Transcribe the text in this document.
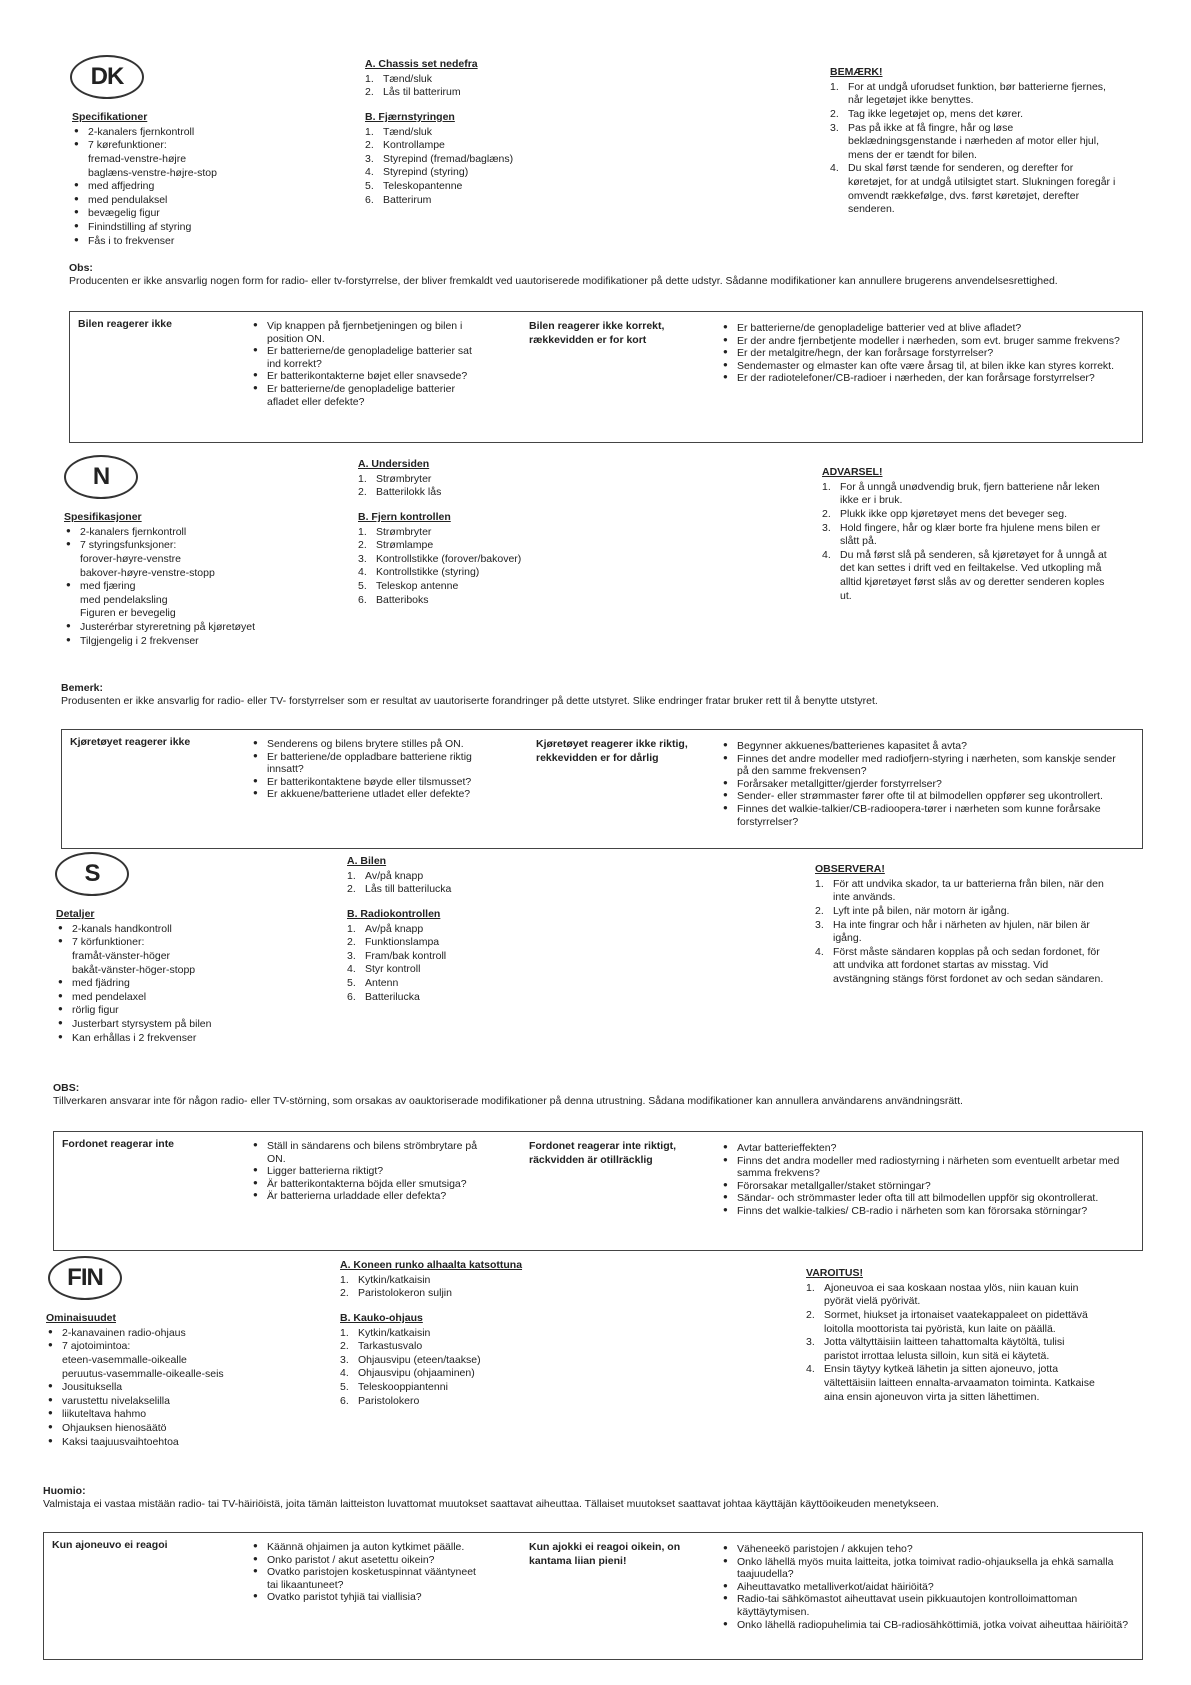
DK
Specifikationer
● 2-kanalers fjernkontroll
● 7 kørefunktioner:
fremad-venstre-højre
baglæns-venstre-højre-stop
● med affjedring
● med pendulaksel
● bevægelig figur
● Finindstilling af styring
● Fås i to frekvenser
A. Chassis set nedefra
1. Tænd/sluk
2. Lås til batterirum
B. Fjærnstyringen
1. Tænd/sluk
2. Kontrollampe
3. Styrepind (fremad/baglæns)
4. Styrepind (styring)
5. Teleskopantenne
6. Batterirum
BEMÆRK!
1. For at undgå uforudset funktion, bør batterierne fjernes, når legetøjet ikke benyttes.
2. Tag ikke legetøjet op, mens det kører.
3. Pas på ikke at få fingre, hår og løse beklædningsgenstande i nærheden af motor eller hjul, mens der er tændt for bilen.
4. Du skal først tænde for senderen, og derefter for køretøjet, for at undgå utilsigtet start. Slukningen foregår i omvendt rækkefølge, dvs. først køretøjet, derefter senderen.
Obs:
Producenten er ikke ansvarlig nogen form for radio- eller tv-forstyrrelse, der bliver fremkaldt ved uautoriserede modifikationer på dette udstyr. Sådanne modifikationer kan annullere brugerens anvendelsesrettighed.
Bilen reagerer ikke	● Vip knappen på fjernbetjeningen og bilen i position ON.
● Er batterierne/de genopladelige batterier sat ind korrekt?
● Er batterikontakterne bøjet eller snavsede?
● Er batterierne/de genopladelige batterier afladet eller defekte?
Bilen reagerer ikke korrekt, rækkevidden er for kort
● Er batterierne/de genopladelige batterier ved at blive afladet?
● Er der andre fjernbetjente modeller i nærheden, som evt. bruger samme frekvens?
● Er der metalgitre/hegn, der kan forårsage forstyrrelser?
● Sendemaster og elmaster kan ofte være årsag til, at bilen ikke kan styres korrekt.
● Er der radiotelefoner/CB-radioer i nærheden, der kan forårsage forstyrrelser?
N
Spesifikasjoner
● 2-kanalers fjernkontroll
● 7 styringsfunksjoner:
forover-høyre-venstre
bakover-høyre-venstre-stopp
● med fjæring
med pendelaksling
Figuren er bevegelig
● Justerérbar styreretning på kjøretøyet
● Tilgjengelig i 2 frekvenser
A. Undersiden
1. Strømbryter
2. Batterilokk lås
B. Fjern kontrollen
1. Strømbryter
2. Strømlampe
3. Kontrollstikke (forover/bakover)
4. Kontrollstikke (styring)
5. Teleskop antenne
6. Batteriboks
ADVARSEL!
1. For å unngå unødvendig bruk, fjern batteriene når leken ikke er i bruk.
2. Plukk ikke opp kjøretøyet mens det beveger seg.
3. Hold fingere, hår og klær borte fra hjulene mens bilen er slått på.
4. Du må først slå på senderen, så kjøretøyet for å unngå at det kan settes i drift ved en feiltakelse. Ved utkopling må alltid kjøretøyet først slås av og deretter senderen koples ut.
Bemerk:
Produsenten er ikke ansvarlig for radio- eller TV- forstyrrelser som er resultat av uautoriserte forandringer på dette utstyret. Slike endringer fratar bruker rett til å benytte utstyret.
Kjøretøyet reagerer ikke	● Senderens og bilens brytere stilles på ON.
● Er batteriene/de oppladbare batteriene riktig innsatt?
● Er batterikontaktene bøyde eller tilsmusset?
● Er akkuene/batteriene utladet eller defekte?
Kjøretøyet reagerer ikke riktig, rekkevidden er for dårlig
● Begynner akkuenes/batterienes kapasitet å avta?
● Finnes det andre modeller med radiofjern-styring i nærheten, som kanskje sender på den samme frekvensen?
● Forårsaker metallgitter/gjerder forstyrrelser?
● Sender- eller strømmaster fører ofte til at bilmodellen oppfører seg ukontrollert.
● Finnes det walkie-talkier/CB-radioopera-tører i nærheten som kunne forårsake forstyrrelser?
S
Detaljer
● 2-kanals handkontroll
● 7 körfunktioner:
framåt-vänster-höger
bakåt-vänster-höger-stopp
● med fjädring
● med pendelaxel
● rörlig figur
● Justerbart styrsystem på bilen
● Kan erhållas i 2 frekvenser
A. Bilen
1. Av/på knapp
2. Lås till batterilucka
B. Radiokontrollen
1. Av/på knapp
2. Funktionslampa
3. Fram/bak kontroll
4. Styr kontroll
5. Antenn
6. Batterilucka
OBSERVERA!
1. För att undvika skador, ta ur batterierna från bilen, när den inte används.
2. Lyft inte på bilen, när motorn är igång.
3. Ha inte fingrar och hår i närheten av hjulen, när bilen är igång.
4. Först måste sändaren kopplas på och sedan fordonet, för att undvika att fordonet startas av misstag. Vid avstängning stängs först fordonet av och sedan sändaren.
OBS:
Tillverkaren ansvarar inte för någon radio- eller TV-störning, som orsakas av oauktoriserade modifikationer på denna utrustning. Sådana modifikationer kan annullera användarens användningsrätt.
Fordonet reagerar inte	● Ställ in sändarens och bilens strömbrytare på ON.
● Ligger batterierna riktigt?
● Är batterikontakterna böjda eller smutsiga?
● Är batterierna urladdade eller defekta?
Fordonet reagerar inte riktigt, räckvidden är otillräcklig
● Avtar batterieffekten?
● Finns det andra modeller med radiostyrning i närheten som eventuellt arbetar med samma frekvens?
● Förorsakar metallgaller/staket störningar?
● Sändar- och strömmaster leder ofta till att bilmodellen uppför sig okontrollerat.
● Finns det walkie-talkies/ CB-radio i närheten som kan förorsaka störningar?
FIN
Ominaisuudet
● 2-kanavainen radio-ohjaus
● 7 ajotoimintoa:
eteen-vasemmalle-oikealle
peruutus-vasemmalle-oikealle-seis
● Jousituksella
● varustettu nivelakselilla
● liikuteltava hahmo
● Ohjauksen hienosäätö
● Kaksi taajuusvaihtoehtoa
A. Koneen runko alhaalta katsottuna
1. Kytkin/katkaisin
2. Paristolokeron suljin
B. Kauko-ohjaus
1. Kytkin/katkaisin
2. Tarkastusvalo
3. Ohjausvipu (eteen/taakse)
4. Ohjausvipu (ohjaaminen)
5. Teleskooppiantenni
6. Paristolokero
VAROITUS!
1. Ajoneuvoa ei saa koskaan nostaa ylös, niin kauan kuin pyörät vielä pyörivät.
2. Sormet, hiukset ja irtonaiset vaatekappaleet on pidettävä loitolla moottorista tai pyöristä, kun laite on päällä.
3. Jotta vältyttäisiin laitteen tahattomalta käytöltä, tulisi paristot irrottaa lelusta silloin, kun sitä ei käytetä.
4. Ensin täytyy kytkeä lähetin ja sitten ajoneuvo, jotta vältettäisiin laitteen ennalta-arvaamaton toiminta. Katkaise aina ensin ajoneuvon virta ja sitten lähettimen.
Huomio:
Valmistaja ei vastaa mistään radio- tai TV-häiriöistä, joita tämän laitteiston luvattomat muutokset saattavat aiheuttaa. Tällaiset muutokset saattavat johtaa käyttäjän käyttöoikeuden menetykseen.
Kun ajoneuvo ei reagoi	● Käännä ohjaimen ja auton kytkimet päälle.
● Onko paristot / akut asetettu oikein?
● Ovatko paristojen kosketuspinnat vääntyneet tai likaantuneet?
● Ovatko paristot tyhjiä tai viallisia?
Kun ajokki ei reagoi oikein, on kantama liian pieni!
● Väheneekö paristojen / akkujen teho?
● Onko lähellä myös muita laitteita, jotka toimivat radio-ohjauksella ja ehkä samalla taajuudella?
● Aiheuttavatko metalliverkot/aidat häiriöitä?
● Radio-tai sähkömastot aiheuttavat usein pikkuautojen kontrolloimattoman käyttäytymisen.
● Onko lähellä radiopuhelimia tai CB-radiosähköttimiä, jotka voivat aiheuttaa häiriöitä?
